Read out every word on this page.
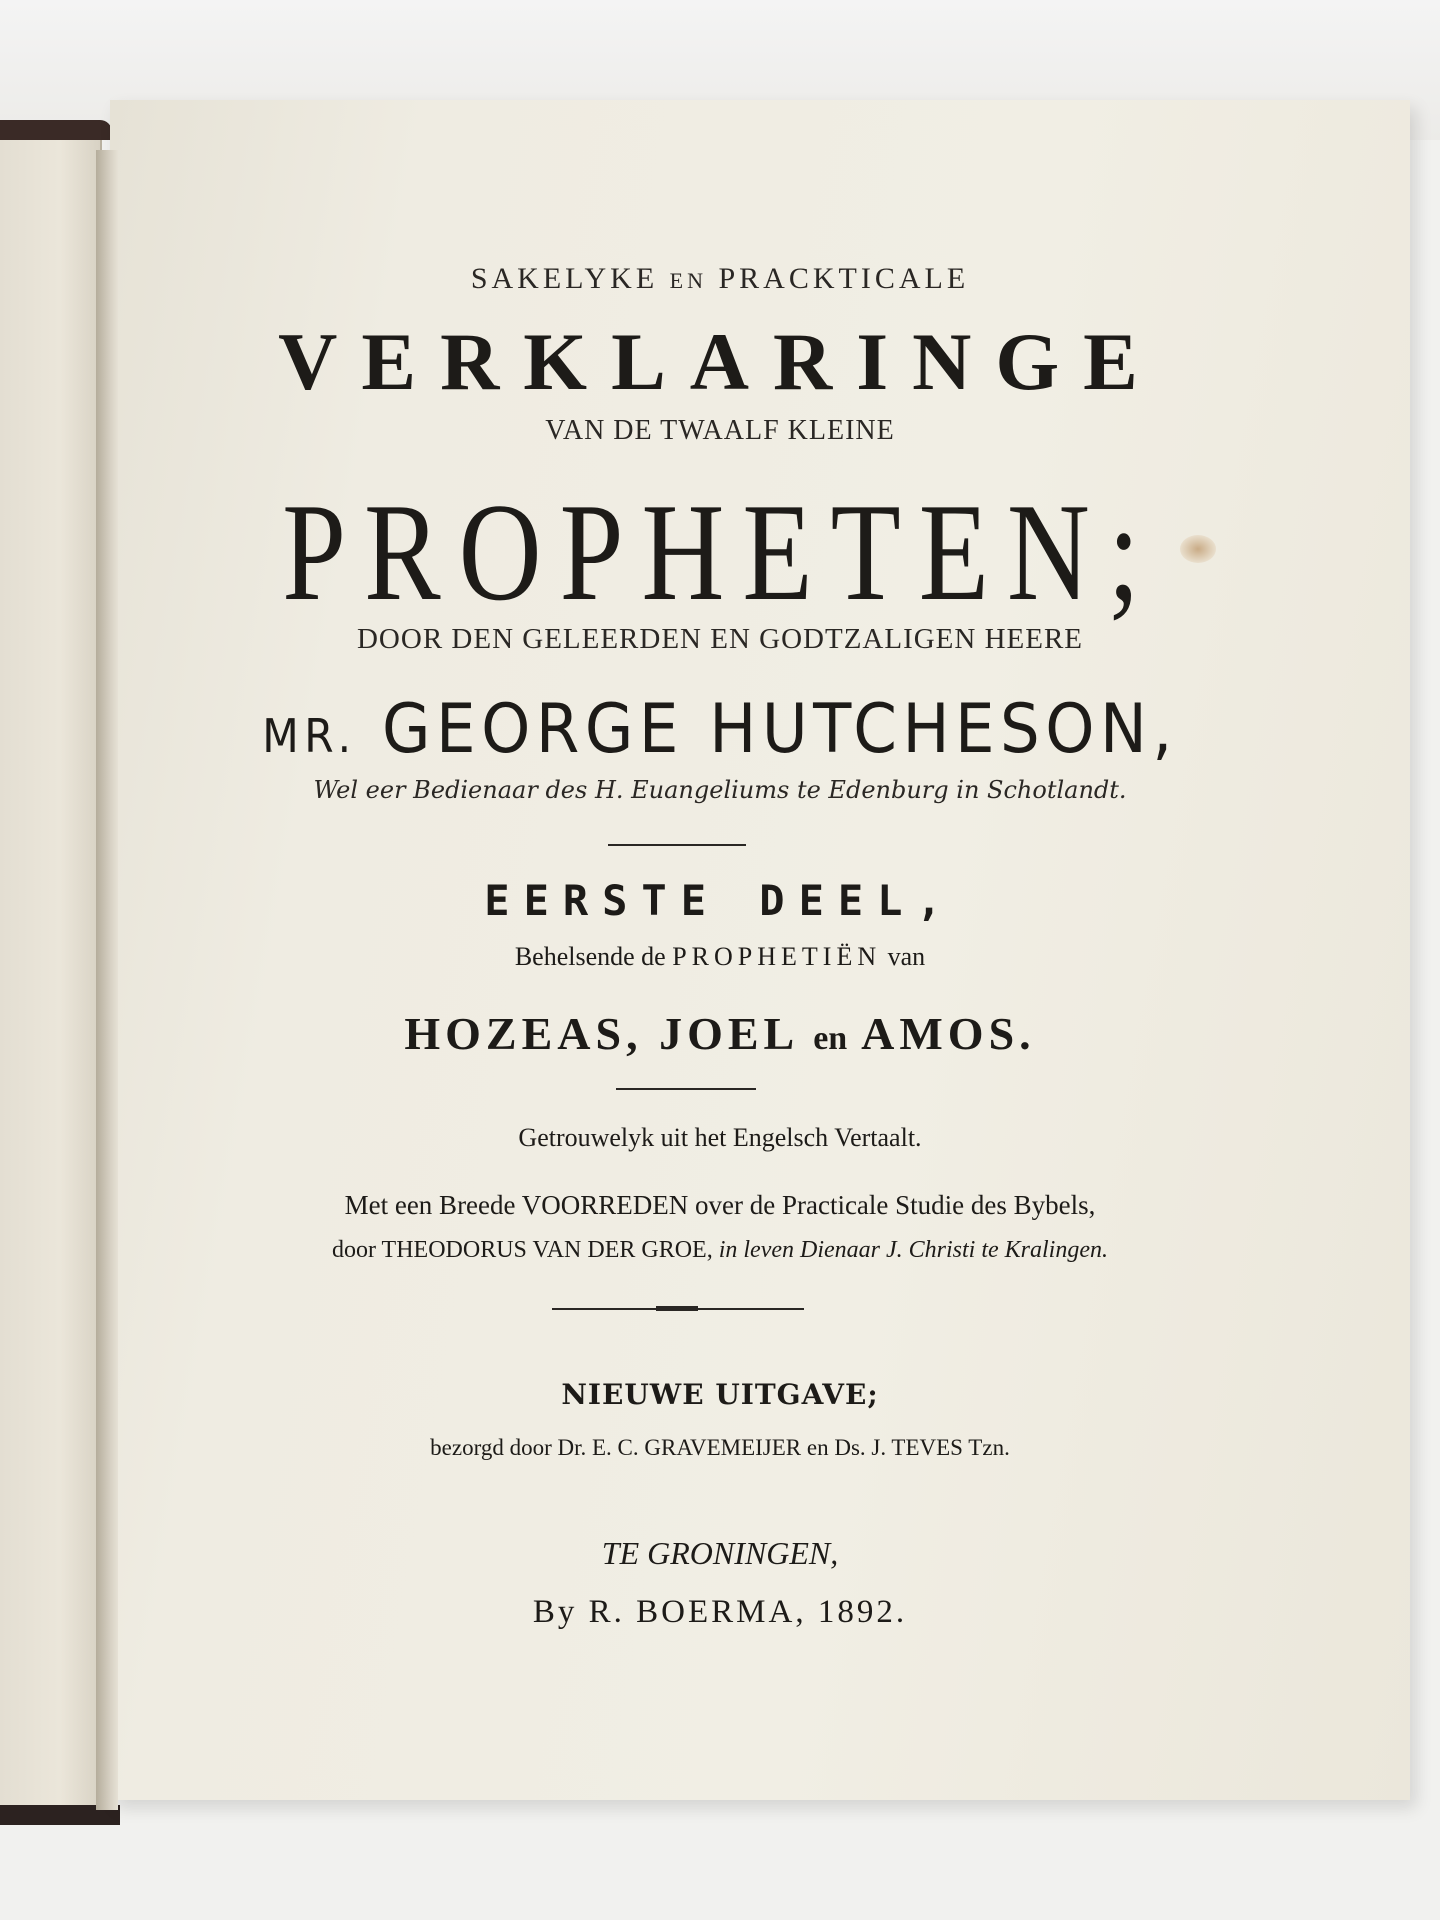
SAKELYKE EN PRACKTICALE
VERKLARINGE
VAN DE TWAALF KLEINE
PROPHETEN;
DOOR DEN GELEERDEN EN GODTZALIGEN HEERE
MR. GEORGE HUTCHESON,
Wel eer Bedienaar des H. Euangeliums te Edenburg in Schotlandt.
EERSTE DEEL,
Behelsende de PROPHETIËN van
HOZEAS, JOEL en AMOS.
Getrouwelyk uit het Engelsch Vertaalt.
Met een Breede VOORREDEN over de Practicale Studie des Bybels,
door THEODORUS VAN DER GROE, in leven Dienaar J. Christi te Kralingen.
NIEUWE UITGAVE;
bezorgd door Dr. E. C. GRAVEMEIJER en Ds. J. TEVES Tzn.
TE GRONINGEN,
By R. BOERMA, 1892.
